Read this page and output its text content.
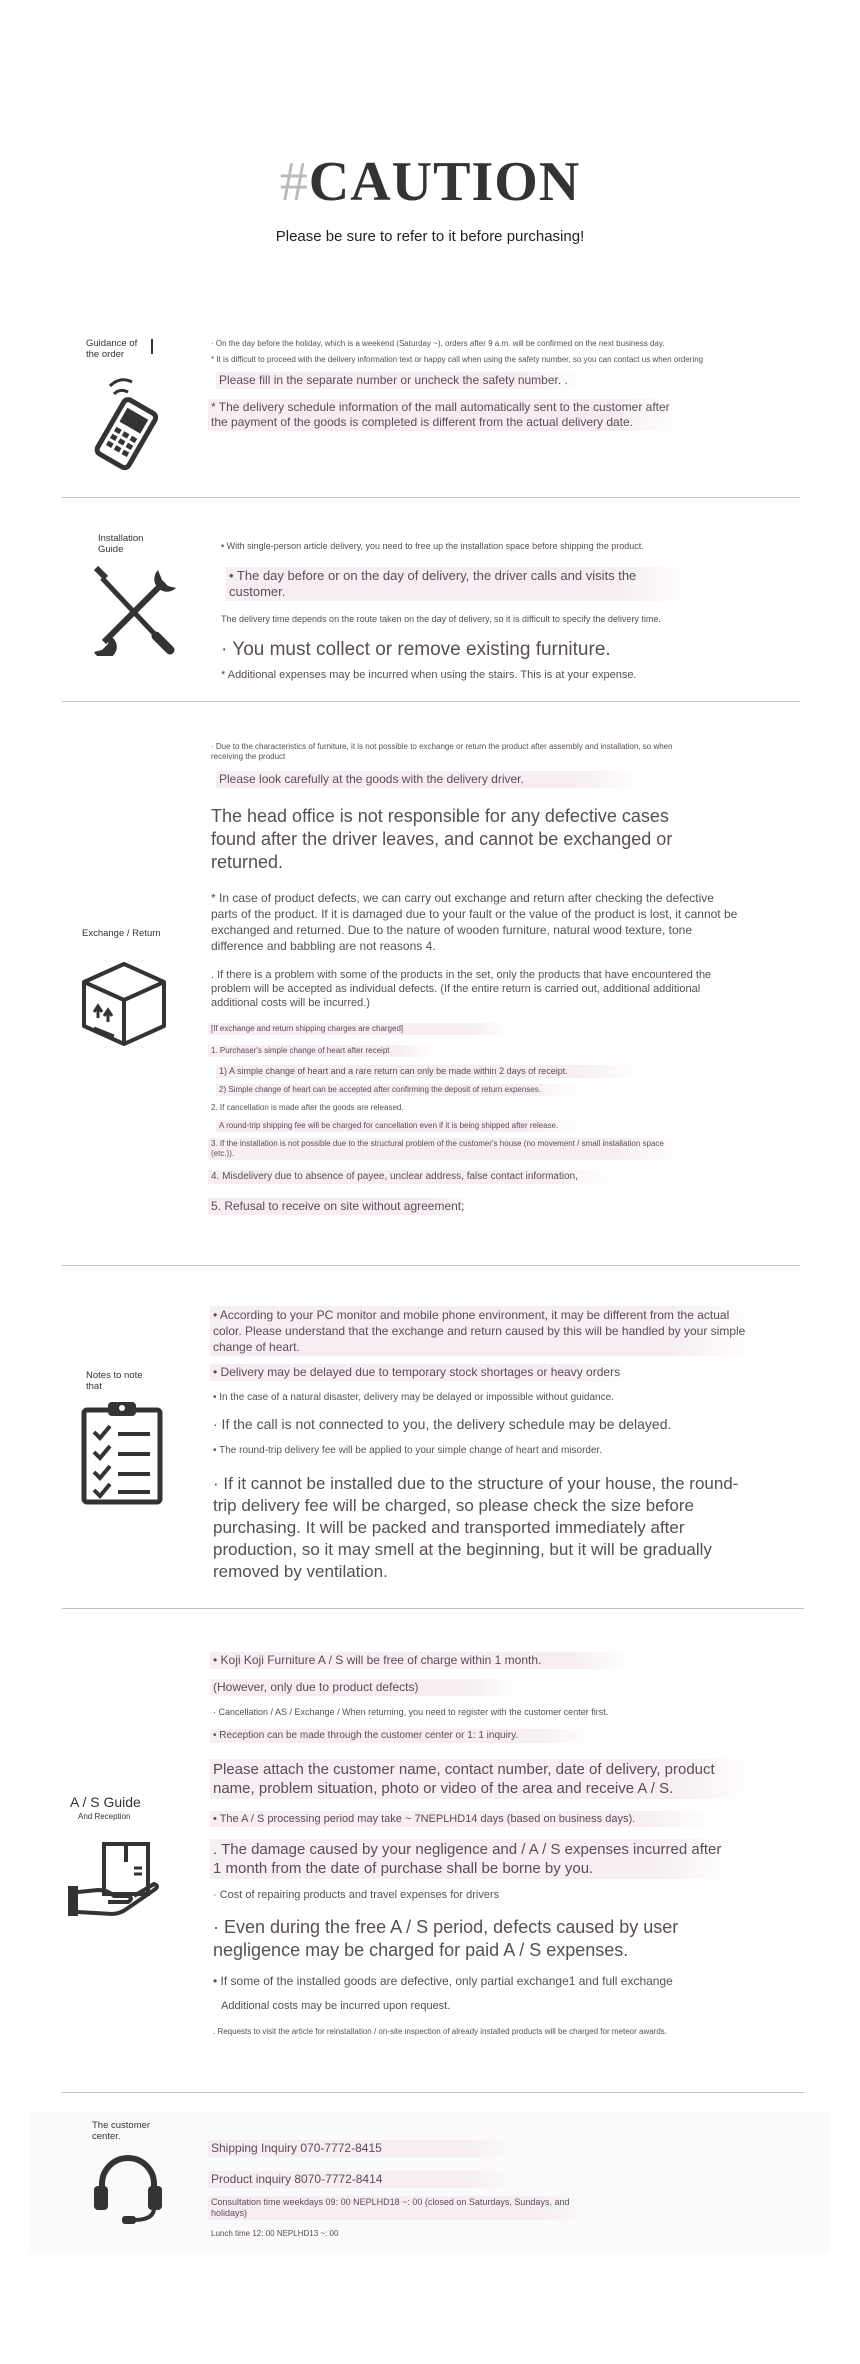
#CAUTION
Please be sure to refer to it before purchasing!
Guidance of the order

· On the day before the holiday, which is a weekend (Saturday ~), orders after 9 a.m. will be confirmed on the next business day.

* It is difficult to proceed with the delivery information text or happy call when using the safety number, so you can contact us when ordering

Please fill in the separate number or uncheck the safety number. .

* The delivery schedule information of the mall automatically sent to the customer after the payment of the goods is completed is different from the actual delivery date.

Installation Guide	• With single-person article delivery, you need to free up the installation space before shipping the product.

• The day before or on the day of delivery, the driver calls and visits the customer.

The delivery time depends on the route taken on the day of delivery, so it is difficult to specify the delivery time.

· You must collect or remove existing furniture.

* Additional expenses may be incurred when using the stairs. This is at your expense.

Exchange / Return

· Due to the characteristics of furniture, it is not possible to exchange or return the product after assembly and installation, so when receiving the product

Please look carefully at the goods with the delivery driver.

The head office is not responsible for any defective cases found after the driver leaves, and cannot be exchanged or returned.

* In case of product defects, we can carry out exchange and return after checking the defective parts of the product. If it is damaged due to your fault or the value of the product is lost, it cannot be exchanged and returned. Due to the nature of wooden furniture, natural wood texture, tone difference and babbling are not reasons 4.

. If there is a problem with some of the products in the set, only the products that have encountered the problem will be accepted as individual defects. (If the entire return is carried out, additional additional additional costs will be incurred.)

[If exchange and return shipping charges are charged]

1. Purchaser's simple change of heart after receipt

1) A simple change of heart and a rare return can only be made within 2 days of receipt.

2) Simple change of heart can be accepted after confirming the deposit of return expenses.

2. If cancellation is made after the goods are released.

A round-trip shipping fee will be charged for cancellation even if it is being shipped after release.

3. If the installation is not possible due to the structural problem of the customer's house (no movement / small installation space (etc.)).

4. Misdelivery due to absence of payee, unclear address, false contact information,

5. Refusal to receive on site without agreement;

Notes to note that

• According to your PC monitor and mobile phone environment, it may be different from the actual color. Please understand that the exchange and return caused by this will be handled by your simple change of heart.

• Delivery may be delayed due to temporary stock shortages or heavy orders

• In the case of a natural disaster, delivery may be delayed or impossible without guidance.

· If the call is not connected to you, the delivery schedule may be delayed.

• The round-trip delivery fee will be applied to your simple change of heart and misorder.

· If it cannot be installed due to the structure of your house, the round-trip delivery fee will be charged, so please check the size before purchasing. It will be packed and transported immediately after production, so it may smell at the beginning, but it will be gradually removed by ventilation.

A / S Guide
And Reception

• Koji Koji Furniture A / S will be free of charge within 1 month.

(However, only due to product defects)

· Cancellation / AS / Exchange / When returning, you need to register with the customer center first.

• Reception can be made through the customer center or 1: 1 inquiry.

Please attach the customer name, contact number, date of delivery, product name, problem situation, photo or video of the area and receive A / S.

• The A / S processing period may take ~ 7NEPLHD14 days (based on business days).

. The damage caused by your negligence and / A / S expenses incurred after 1 month from the date of purchase shall be borne by you.

· Cost of repairing products and travel expenses for drivers

· Even during the free A / S period, defects caused by user negligence may be charged for paid A / S expenses.

• If some of the installed goods are defective, only partial exchange1 and full exchange

Additional costs may be incurred upon request.

. Requests to visit the article for reinstallation / on-site inspection of already installed products will be charged for meteor awards.

The customer center.

Shipping Inquiry 070-7772-8415

Product inquiry 8070-7772-8414

Consultation time weekdays 09: 00 NEPLHD18 ~: 00 (closed on Saturdays, Sundays, and holidays)

Lunch time 12: 00 NEPLHD13 ~: 00
